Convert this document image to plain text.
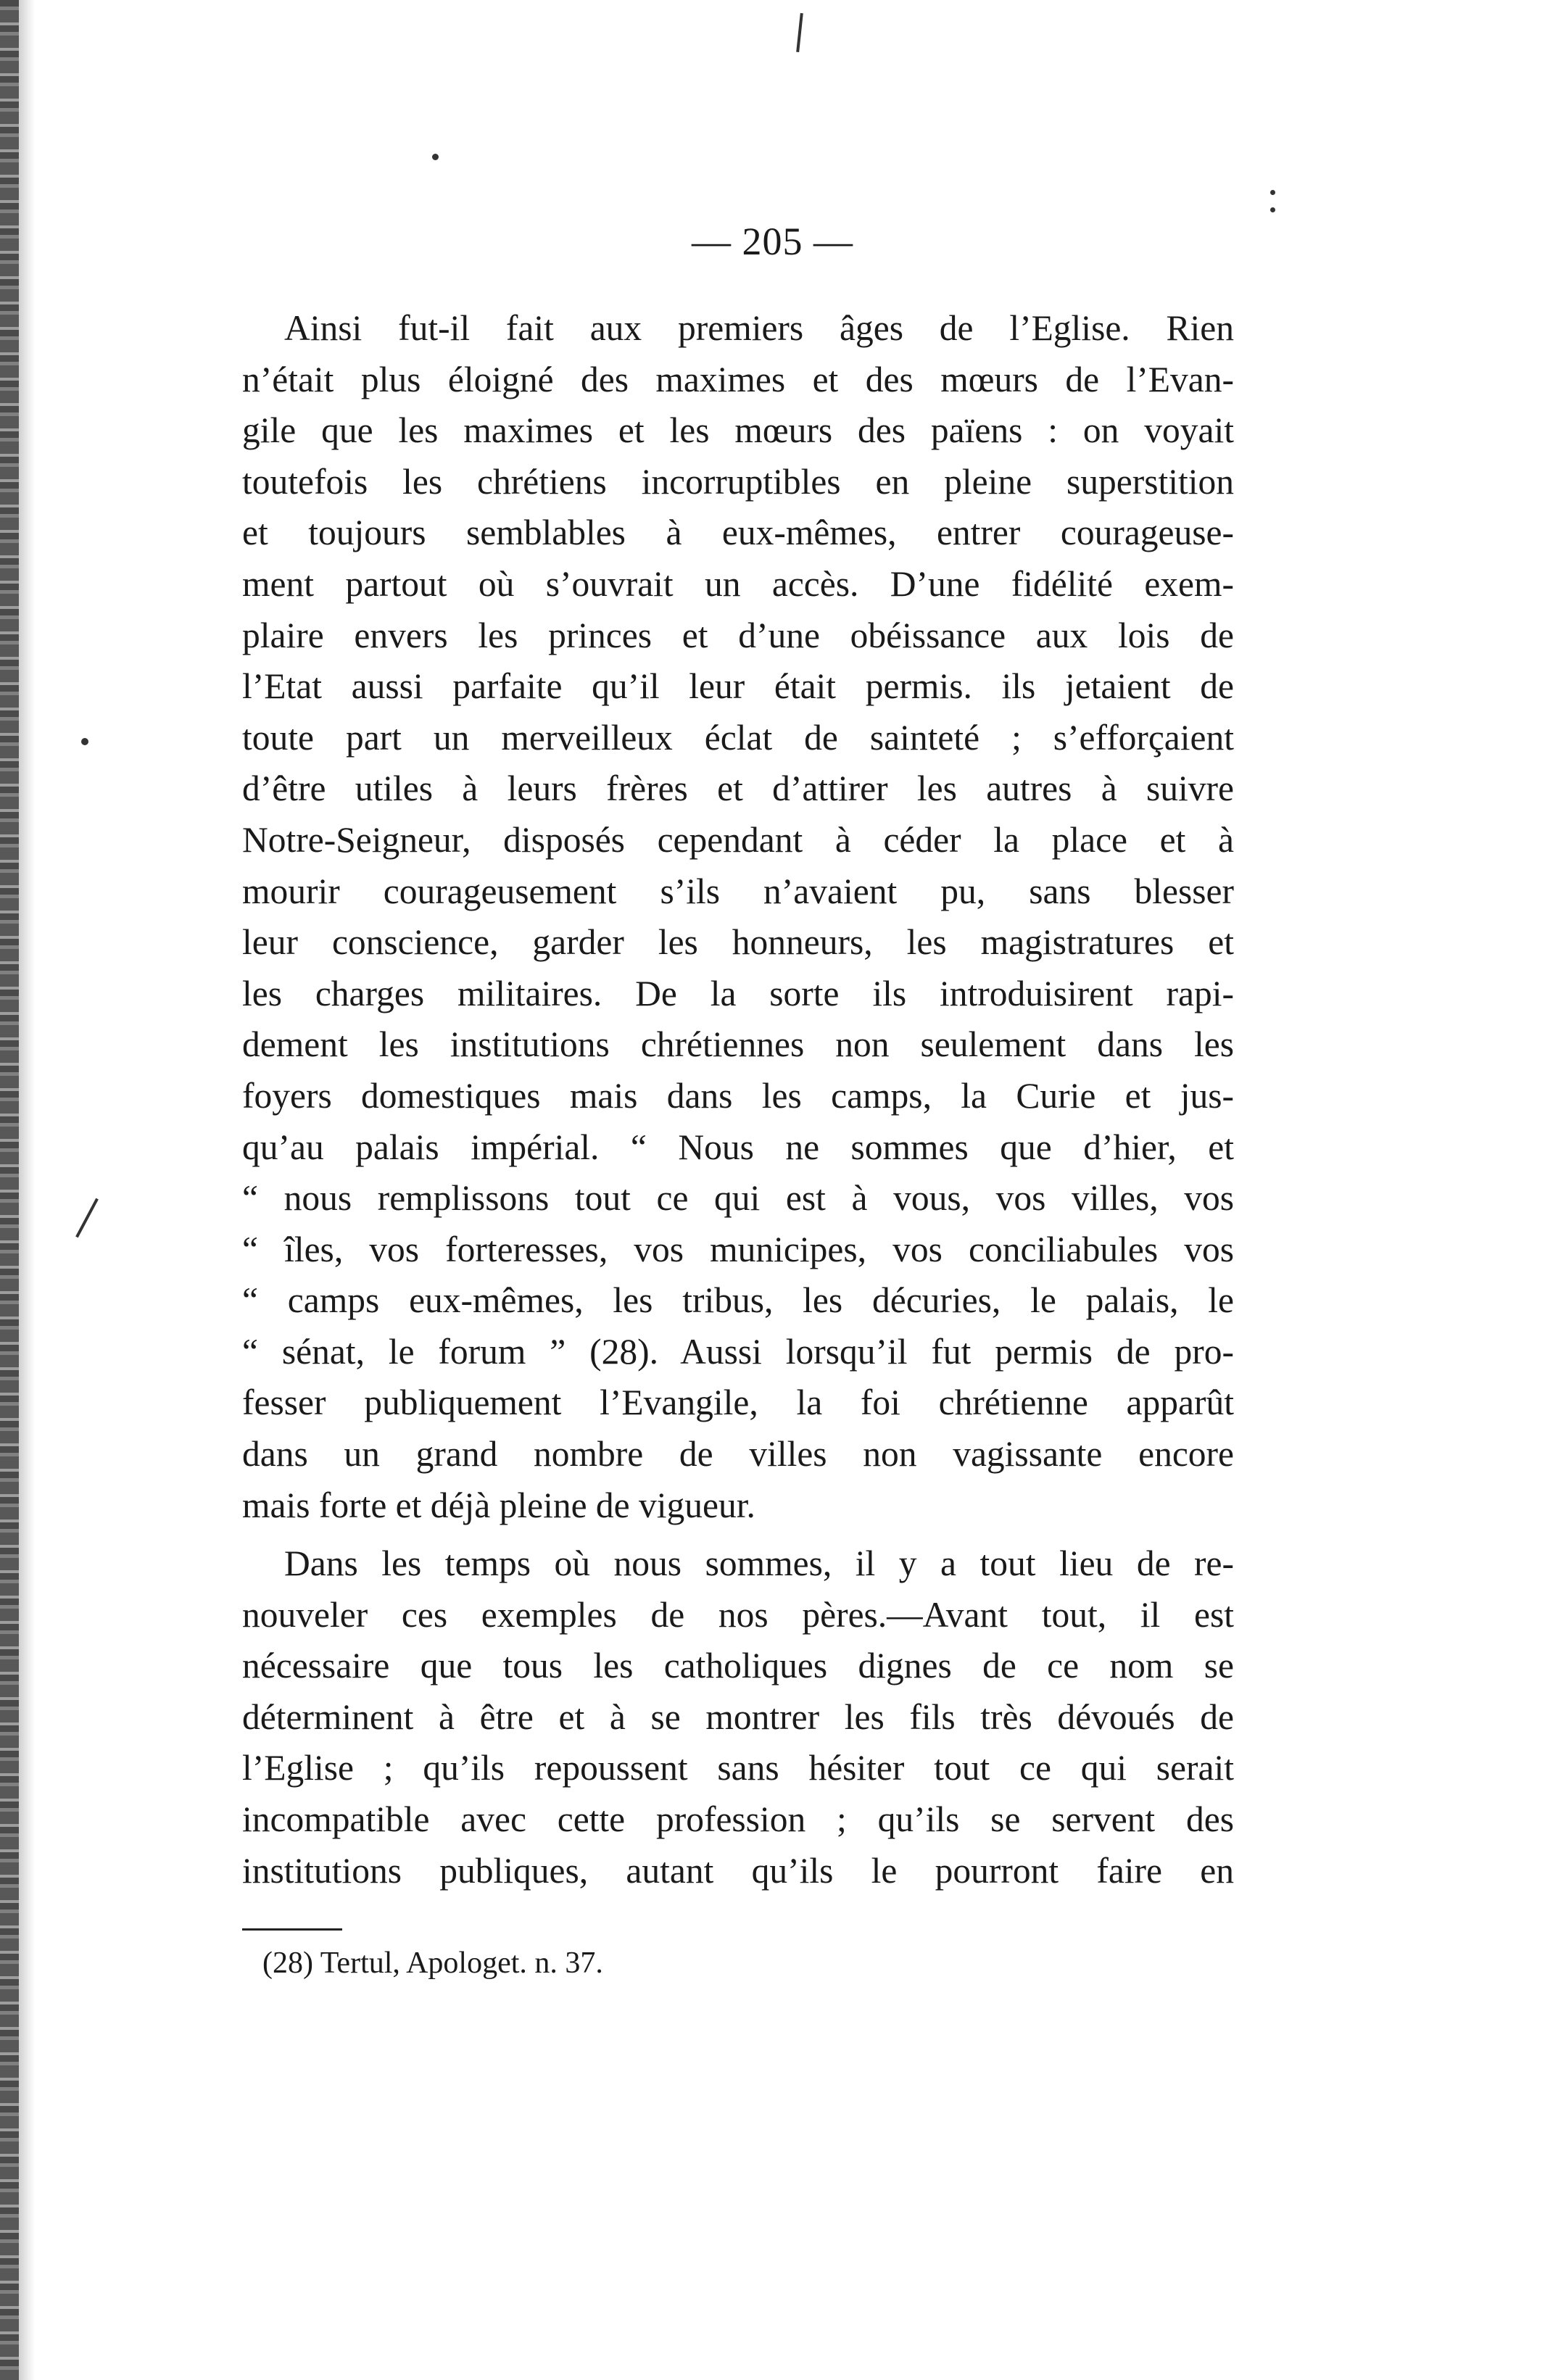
— 205 —
Ainsi fut-il fait aux premiers âges de l’Eglise. Rien
n’était plus éloigné des maximes et des mœurs de l’Evan-
gile que les maximes et les mœurs des païens : on voyait
toutefois les chrétiens incorruptibles en pleine superstition
et toujours semblables à eux-mêmes, entrer courageuse-
ment partout où s’ouvrait un accès. D’une fidélité exem-
plaire envers les princes et d’une obéissance aux lois de
l’Etat aussi parfaite qu’il leur était permis. ils jetaient de
toute part un merveilleux éclat de sainteté ; s’efforçaient
d’être utiles à leurs frères et d’attirer les autres à suivre
Notre-Seigneur, disposés cependant à céder la place et à
mourir courageusement s’ils n’avaient pu, sans blesser
leur conscience, garder les honneurs, les magistratures et
les charges militaires. De la sorte ils introduisirent rapi-
dement les institutions chrétiennes non seulement dans les
foyers domestiques mais dans les camps, la Curie et jus-
qu’au palais impérial. “ Nous ne sommes que d’hier, et
“ nous remplissons tout ce qui est à vous, vos villes, vos
“ îles, vos forteresses, vos municipes, vos conciliabules vos
“ camps eux-mêmes, les tribus, les décuries, le palais, le
“ sénat, le forum ” (28). Aussi lorsqu’il fut permis de pro-
fesser publiquement l’Evangile, la foi chrétienne apparût
dans un grand nombre de villes non vagissante encore
mais forte et déjà pleine de vigueur.
Dans les temps où nous sommes, il y a tout lieu de re-
nouveler ces exemples de nos pères.—Avant tout, il est
nécessaire que tous les catholiques dignes de ce nom se
déterminent à être et à se montrer les fils très dévoués de
l’Eglise ; qu’ils repoussent sans hésiter tout ce qui serait
incompatible avec cette profession ; qu’ils se servent des
institutions publiques, autant qu’ils le pourront faire en
(28) Tertul, Apologet. n. 37.
